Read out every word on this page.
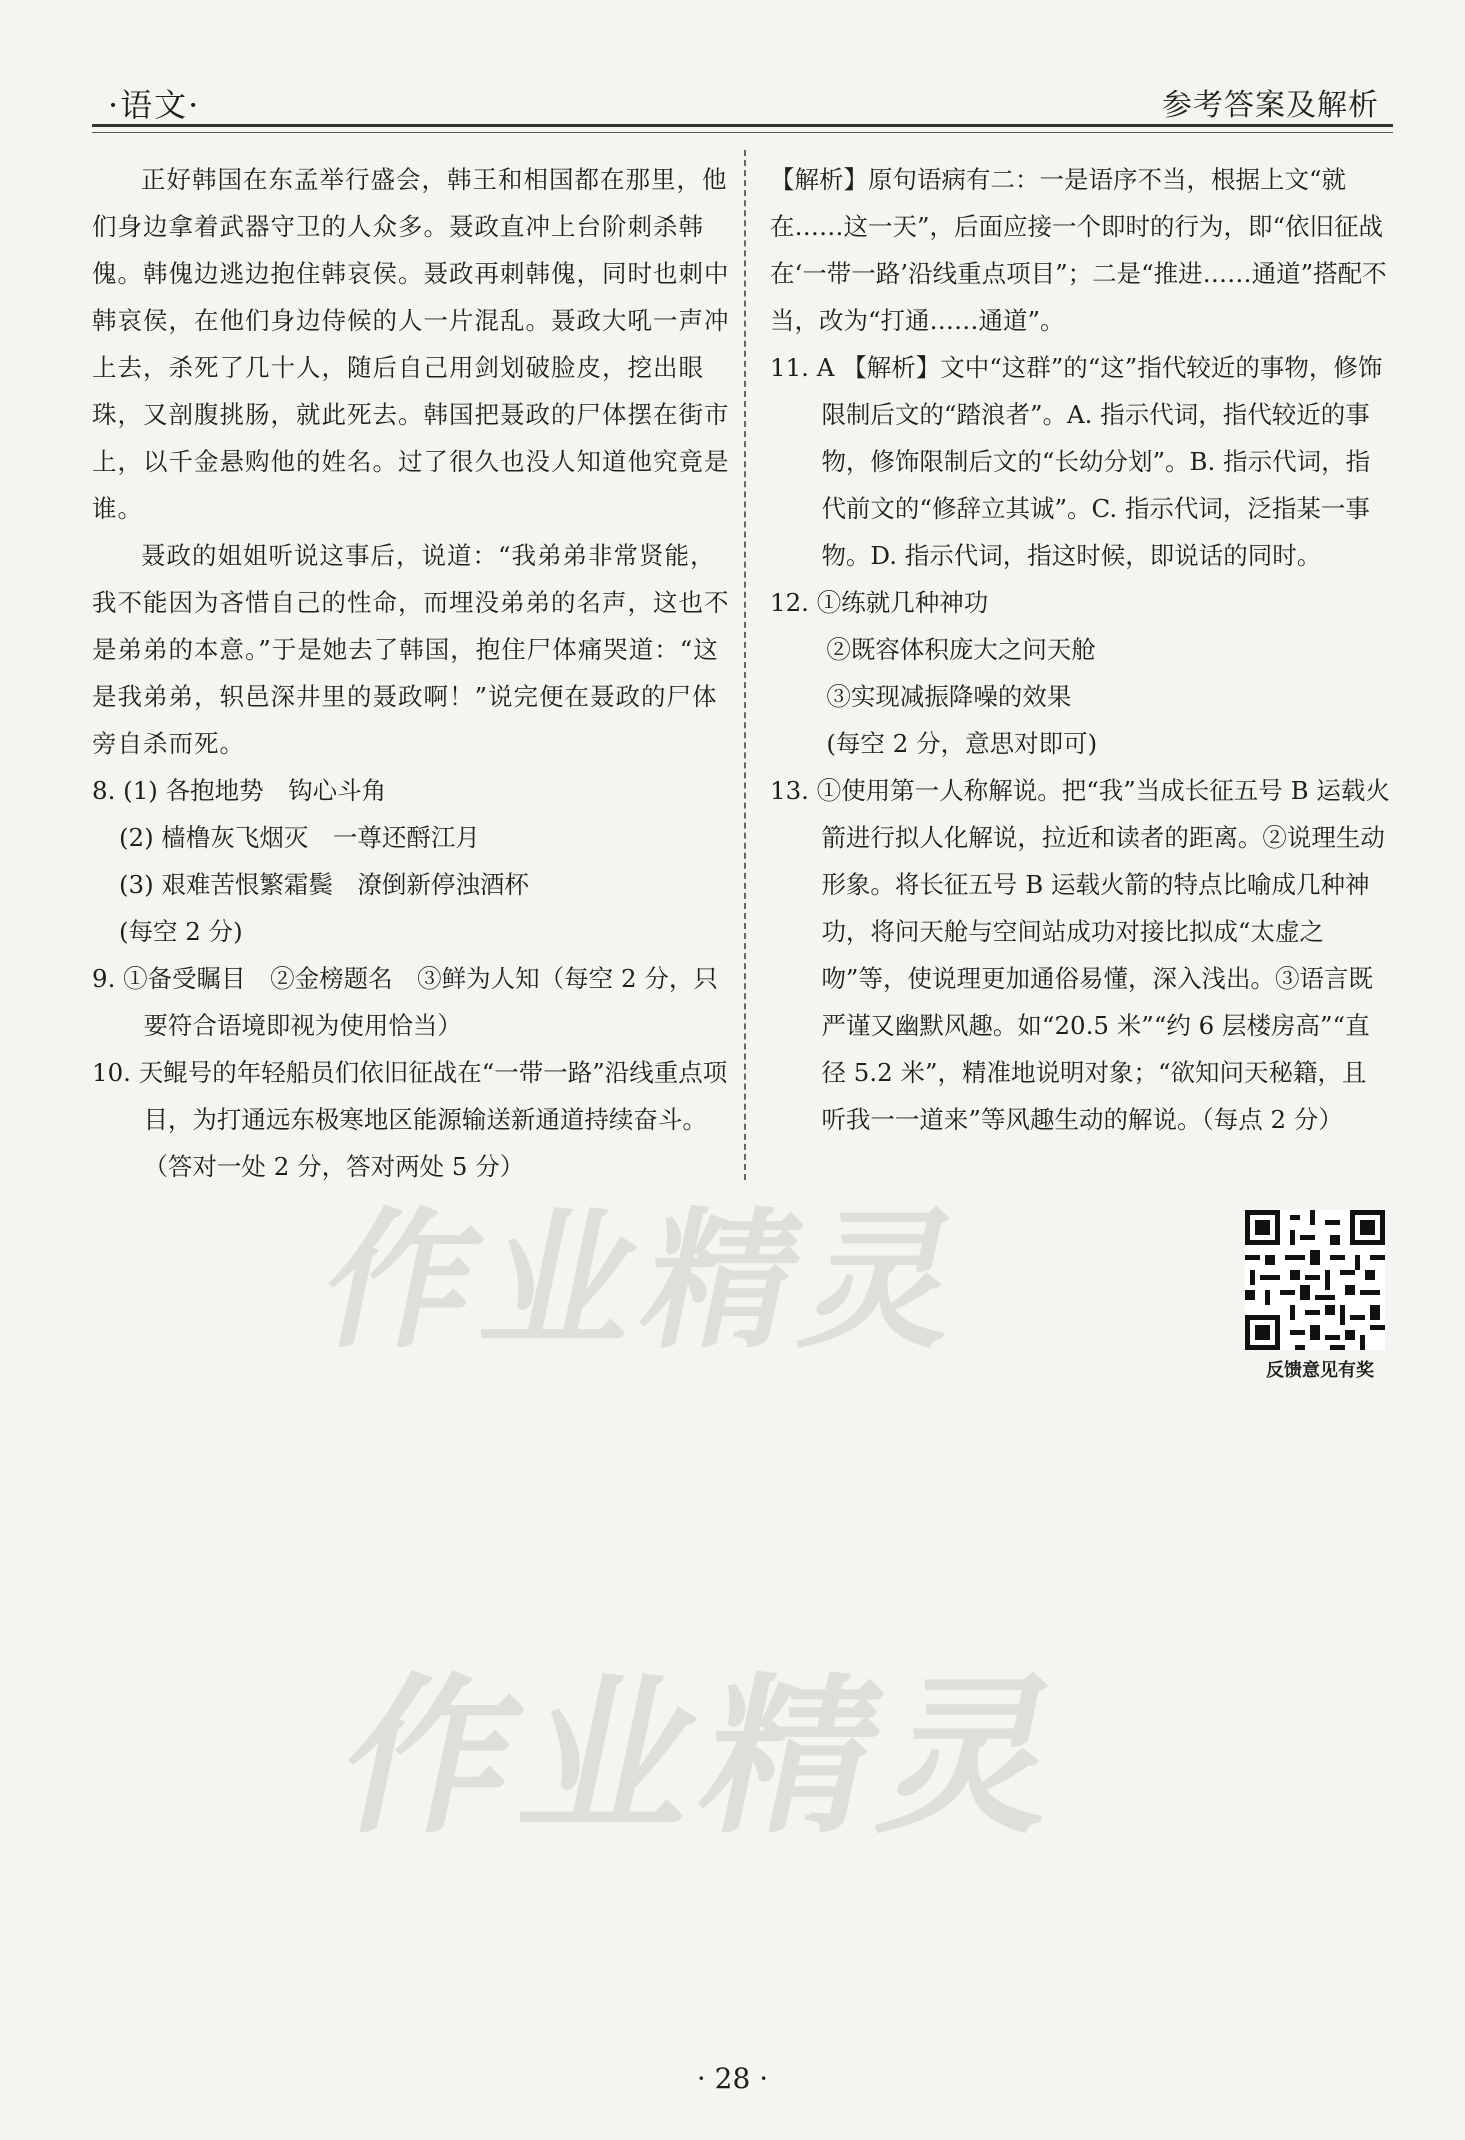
·语文·	参考答案及解析

正好韩国在东孟举行盛会，韩王和相国都在那里，他们身边拿着武器守卫的人众多。聂政直冲上台阶刺杀韩傀。韩傀边逃边抱住韩哀侯。聂政再刺韩傀，同时也刺中韩哀侯，在他们身边侍候的人一片混乱。聂政大吼一声冲上去，杀死了几十人，随后自己用剑划破脸皮，挖出眼珠，又剖腹挑肠，就此死去。韩国把聂政的尸体摆在街市上，以千金悬购他的姓名。过了很久也没人知道他究竟是谁。

聂政的姐姐听说这事后，说道：“我弟弟非常贤能，我不能因为吝惜自己的性命，而埋没弟弟的名声，这也不是弟弟的本意。”于是她去了韩国，抱住尸体痛哭道：“这是我弟弟，轵邑深井里的聂政啊！”说完便在聂政的尸体旁自杀而死。

8. (1) 各抱地势　钩心斗角

(2) 樯橹灰飞烟灭　一尊还酹江月

(3) 艰难苦恨繁霜鬓　潦倒新停浊酒杯

(每空 2 分)

9. ①备受瞩目　②金榜题名　③鲜为人知（每空 2 分，只要符合语境即视为使用恰当）

10. 天鲲号的年轻船员们依旧征战在“一带一路”沿线重点项目，为打通远东极寒地区能源输送新通道持续奋斗。（答对一处 2 分，答对两处 5 分）

【解析】原句语病有二：一是语序不当，根据上文“就在……这一天”，后面应接一个即时的行为，即“依旧征战在‘一带一路’沿线重点项目”；二是“推进……通道”搭配不当，改为“打通……通道”。

11. A 【解析】文中“这群”的“这”指代较近的事物，修饰限制后文的“踏浪者”。A. 指示代词，指代较近的事物，修饰限制后文的“长幼分划”。B. 指示代词，指代前文的“修辞立其诚”。C. 指示代词，泛指某一事物。D. 指示代词，指这时候，即说话的同时。

12. ①练就几种神功

②既容体积庞大之问天舱

③实现减振降噪的效果

(每空 2 分，意思对即可)

13. ①使用第一人称解说。把“我”当成长征五号 B 运载火箭进行拟人化解说，拉近和读者的距离。②说理生动形象。将长征五号 B 运载火箭的特点比喻成几种神功，将问天舱与空间站成功对接比拟成“太虚之吻”等，使说理更加通俗易懂，深入浅出。③语言既严谨又幽默风趣。如“20.5 米”“约 6 层楼房高”“直径 5.2 米”，精准地说明对象；“欲知问天秘籍，且听我一一道来”等风趣生动的解说。（每点 2 分）

反馈意见有奖
作业精灵
作业精灵
· 28 ·
